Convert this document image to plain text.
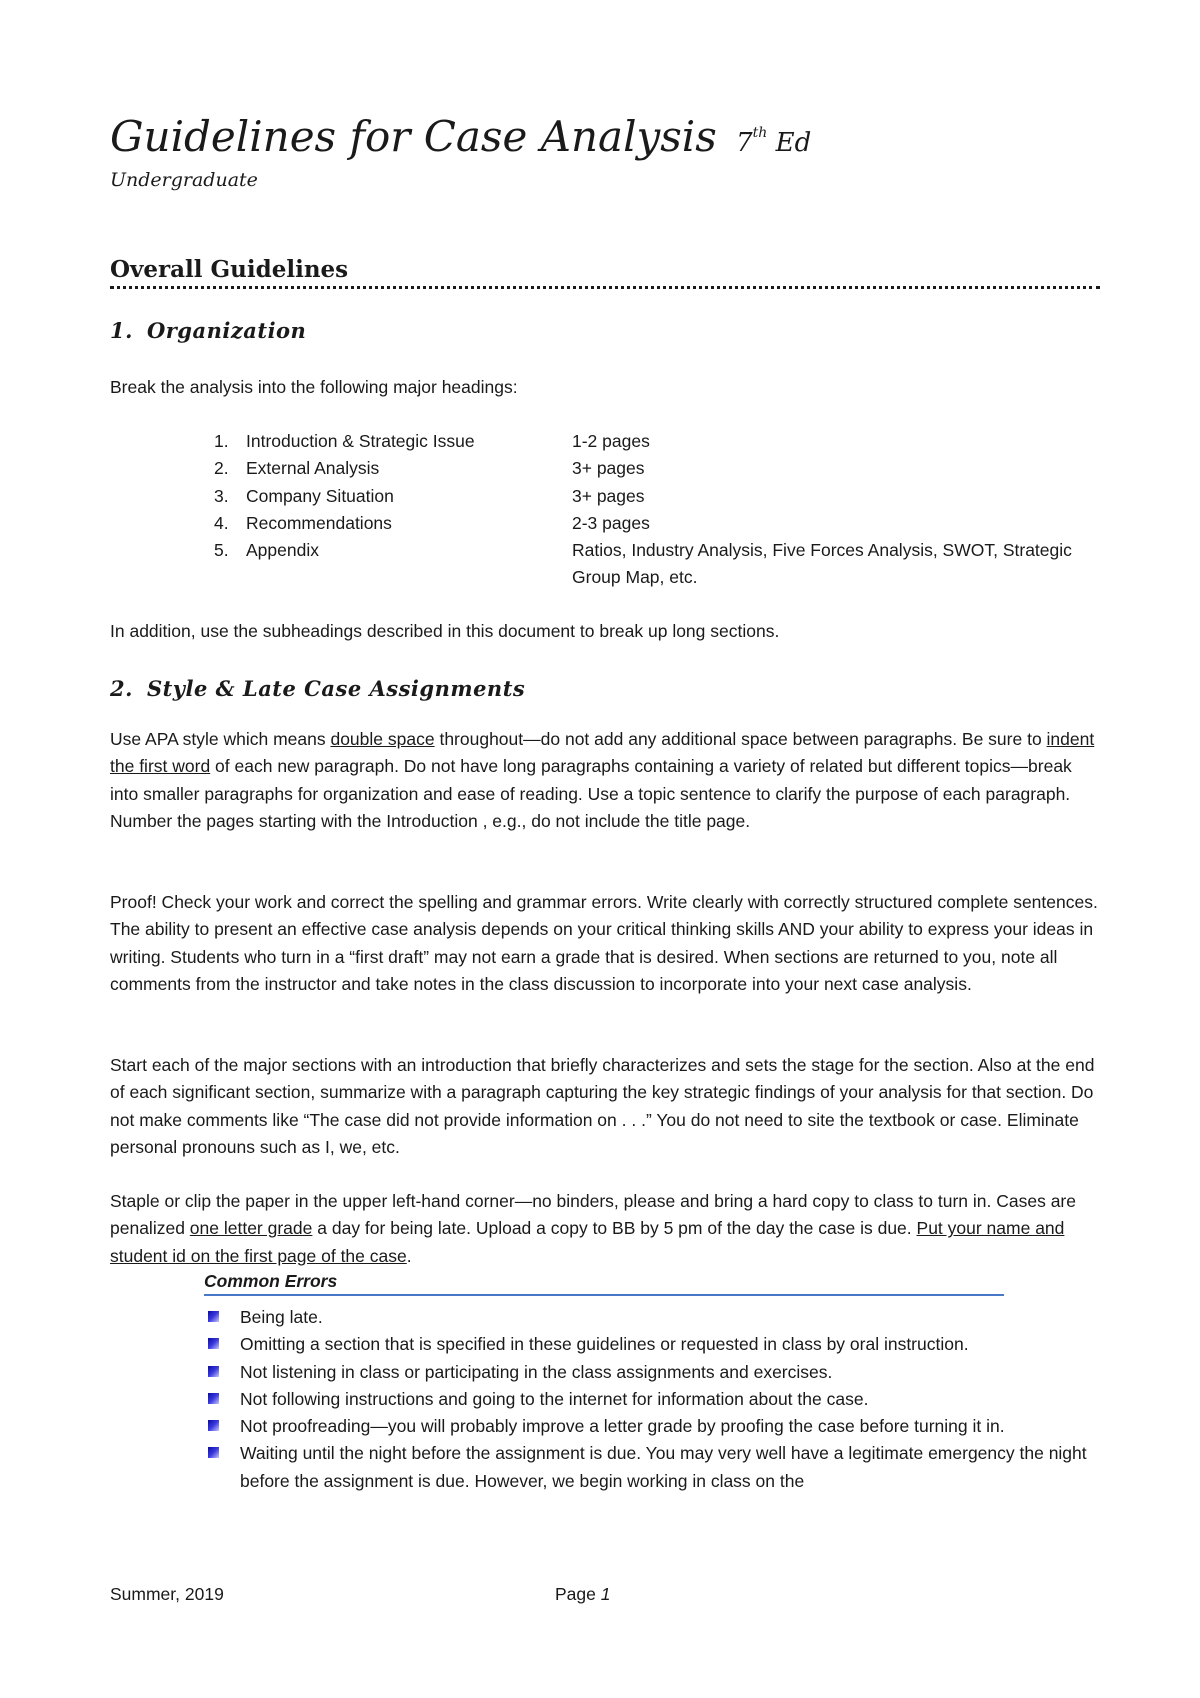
Guidelines for Case Analysis 7th Ed
Undergraduate
Overall Guidelines
1. Organization
Break the analysis into the following major headings:
1. Introduction & Strategic Issue	1-2 pages
2. External Analysis	3+ pages
3. Company Situation	3+ pages
4. Recommendations	2-3 pages
5. Appendix	Ratios, Industry Analysis, Five Forces Analysis, SWOT, Strategic Group Map, etc.
In addition, use the subheadings described in this document to break up long sections.
2. Style & Late Case Assignments
Use APA style which means double space throughout—do not add any additional space between paragraphs. Be sure to indent the first word of each new paragraph. Do not have long paragraphs containing a variety of related but different topics—break into smaller paragraphs for organization and ease of reading. Use a topic sentence to clarify the purpose of each paragraph. Number the pages starting with the Introduction , e.g., do not include the title page.
Proof! Check your work and correct the spelling and grammar errors. Write clearly with correctly structured complete sentences. The ability to present an effective case analysis depends on your critical thinking skills AND your ability to express your ideas in writing. Students who turn in a “first draft” may not earn a grade that is desired. When sections are returned to you, note all comments from the instructor and take notes in the class discussion to incorporate into your next case analysis.
Start each of the major sections with an introduction that briefly characterizes and sets the stage for the section. Also at the end of each significant section, summarize with a paragraph capturing the key strategic findings of your analysis for that section. Do not make comments like “The case did not provide information on . . .” You do not need to site the textbook or case. Eliminate personal pronouns such as I, we, etc.
Staple or clip the paper in the upper left-hand corner—no binders, please and bring a hard copy to class to turn in. Cases are penalized one letter grade a day for being late. Upload a copy to BB by 5 pm of the day the case is due. Put your name and student id on the first page of the case.
Common Errors
Being late.
Omitting a section that is specified in these guidelines or requested in class by oral instruction.
Not listening in class or participating in the class assignments and exercises.
Not following instructions and going to the internet for information about the case.
Not proofreading—you will probably improve a letter grade by proofing the case before turning it in.
Waiting until the night before the assignment is due. You may very well have a legitimate emergency the night before the assignment is due. However, we begin working in class on the
Summer, 2019	Page 1
